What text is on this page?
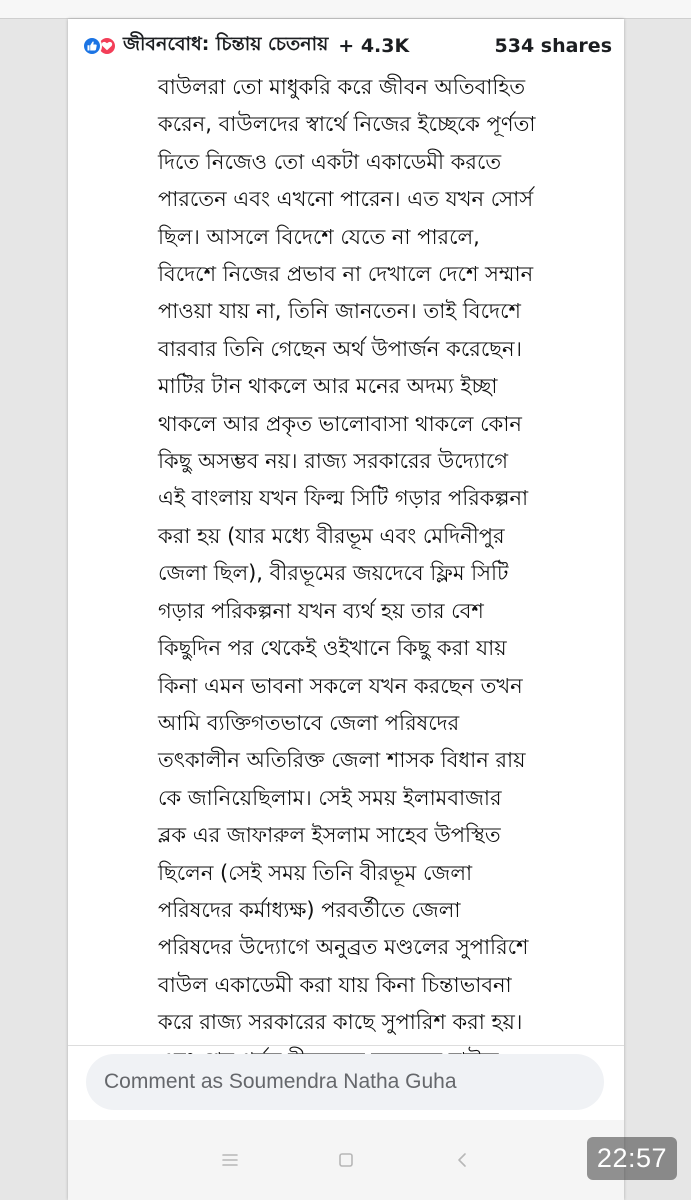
জীবনবোধ: চিন্তায় চেতনায় + 4.3K	534 shares
বাউলরা তো মাধুকরি করে জীবন অতিবাহিত
করেন, বাউলদের স্বার্থে নিজের ইচ্ছেকে পূর্ণতা
দিতে নিজেও তো একটা একাডেমী করতে
পারতেন এবং এখনো পারেন। এত যখন সোর্স
ছিল। আসলে বিদেশে যেতে না পারলে,
বিদেশে নিজের প্রভাব না দেখালে দেশে সম্মান
পাওয়া যায় না, তিনি জানতেন। তাই বিদেশে
বারবার তিনি গেছেন অর্থ উপার্জন করেছেন।
মাটির টান থাকলে আর মনের অদম্য ইচ্ছা
থাকলে আর প্রকৃত ভালোবাসা থাকলে কোন
কিছু অসম্ভব নয়। রাজ্য সরকারের উদ্যোগে
এই বাংলায় যখন ফিল্ম সিটি গড়ার পরিকল্পনা
করা হয় (যার মধ্যে বীরভূম এবং মেদিনীপুর
জেলা ছিল), বীরভূমের জয়দেবে ফ্লিম সিটি
গড়ার পরিকল্পনা যখন ব্যর্থ হয় তার বেশ
কিছুদিন পর থেকেই ওইখানে কিছু করা যায়
কিনা এমন ভাবনা সকলে যখন করছেন তখন
আমি ব্যক্তিগতভাবে জেলা পরিষদের
তৎকালীন অতিরিক্ত জেলা শাসক বিধান রায়
কে জানিয়েছিলাম। সেই সময় ইলামবাজার
ব্লক এর জাফারুল ইসলাম সাহেব উপস্থিত
ছিলেন (সেই সময় তিনি বীরভূম জেলা
পরিষদের কর্মাধ্যক্ষ) পরবর্তীতে জেলা
পরিষদের উদ্যোগে অনুব্রত মণ্ডলের সুপারিশে
বাউল একাডেমী করা যায় কিনা চিন্তাভাবনা
করে রাজ্য সরকারের কাছে সুপারিশ করা হয়।
Comment as Soumendra Natha Guha
22:57
